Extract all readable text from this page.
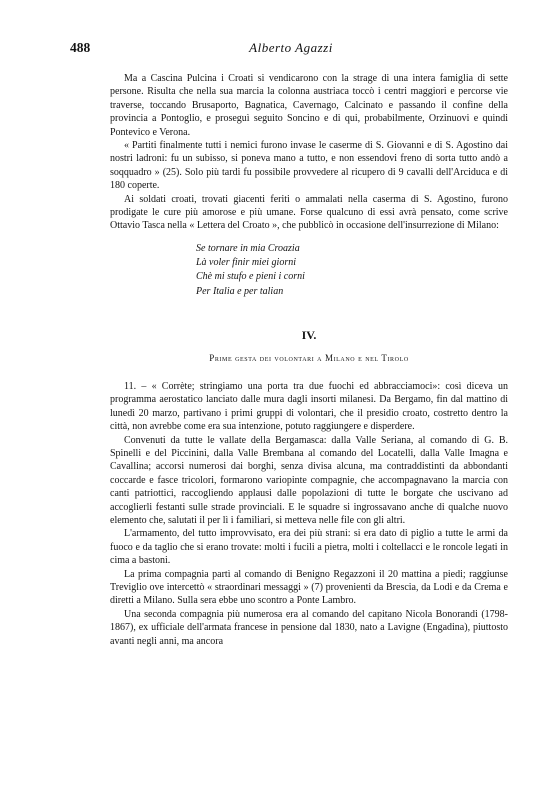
488	Alberto Agazzi

Ma a Cascina Pulcina i Croati si vendicarono con la strage di una intera famiglia di sette persone. Risulta che nella sua marcia la colonna austriaca toccò i centri maggiori e percorse vie traverse, toccando Brusaporto, Bagnatica, Cavernago, Calcinato e passando il confine della provincia a Pontoglio, e proseguì seguito Soncino e di qui, probabilmente, Orzinuovi e quindi Pontevico e Verona.

« Partiti finalmente tutti i nemici furono invase le caserme di S. Giovanni e di S. Agostino dai nostri ladroni: fu un subisso, si poneva mano a tutto, e non essendovi freno di sorta tutto andò a soqquadro » (25). Solo più tardi fu possibile provvedere al ricupero di 9 cavalli dell'Arciduca e di 180 coperte.

Ai soldati croati, trovati giacenti feriti o ammalati nella caserma di S. Agostino, furono prodigate le cure più amorose e più umane. Forse qualcuno di essi avrà pensato, come scrive Ottavio Tasca nella « Lettera del Croato », che pubblicò in occasione dell'insurrezione di Milano:

Se tornare in mia Croazia
Là voler finir miei giorni
Chè mi stufo e pieni i corni
Per Italia e per talian
IV.
Prime gesta dei volontari a Milano e nel Tirolo

11. – « Corrète; stringiamo una porta tra due fuochi ed abbracciamoci»: così diceva un programma aerostatico lanciato dalle mura dagli insorti milanesi. Da Bergamo, fin dal mattino di lunedì 20 marzo, partivano i primi gruppi di volontari, che il presidio croato, costretto dentro la città, non avrebbe come era sua intenzione, potuto raggiungere e disperdere.

Convenuti da tutte le vallate della Bergamasca: dalla Valle Seriana, al comando di G. B. Spinelli e del Piccinini, dalla Valle Brembana al comando del Locatelli, dalla Valle Imagna e Cavallina; accorsi numerosi dai borghi, senza divisa alcuna, ma contraddistinti da abbondanti coccarde e fasce tricolori, formarono variopinte compagnie, che accompagnavano la marcia con canti patriottici, raccogliendo applausi dalle popolazioni di tutte le borgate che uscivano ad accoglierli festanti sulle strade provinciali. E le squadre si ingrossavano anche di qualche nuovo elemento che, salutati il per lì i familiari, si metteva nelle file con gli altri.

L'armamento, del tutto improvvisato, era dei più strani: si era dato di piglio a tutte le armi da fuoco e da taglio che si erano trovate: molti i fucili a pietra, molti i coltellacci e le roncole legati in cima a bastoni.

La prima compagnia partì al comando di Benigno Regazzoni il 20 mattina a piedi; raggiunse Treviglio ove intercettò « straordinari messaggi » (7) provenienti da Brescia, da Lodi e da Crema e diretti a Milano. Sulla sera ebbe uno scontro a Ponte Lambro.

Una seconda compagnia più numerosa era al comando del capitano Nicola Bonorandi (1798-1867), ex ufficiale dell'armata francese in pensione dal 1830, nato a Lavigne (Engadina), piuttosto avanti negli anni, ma ancora
